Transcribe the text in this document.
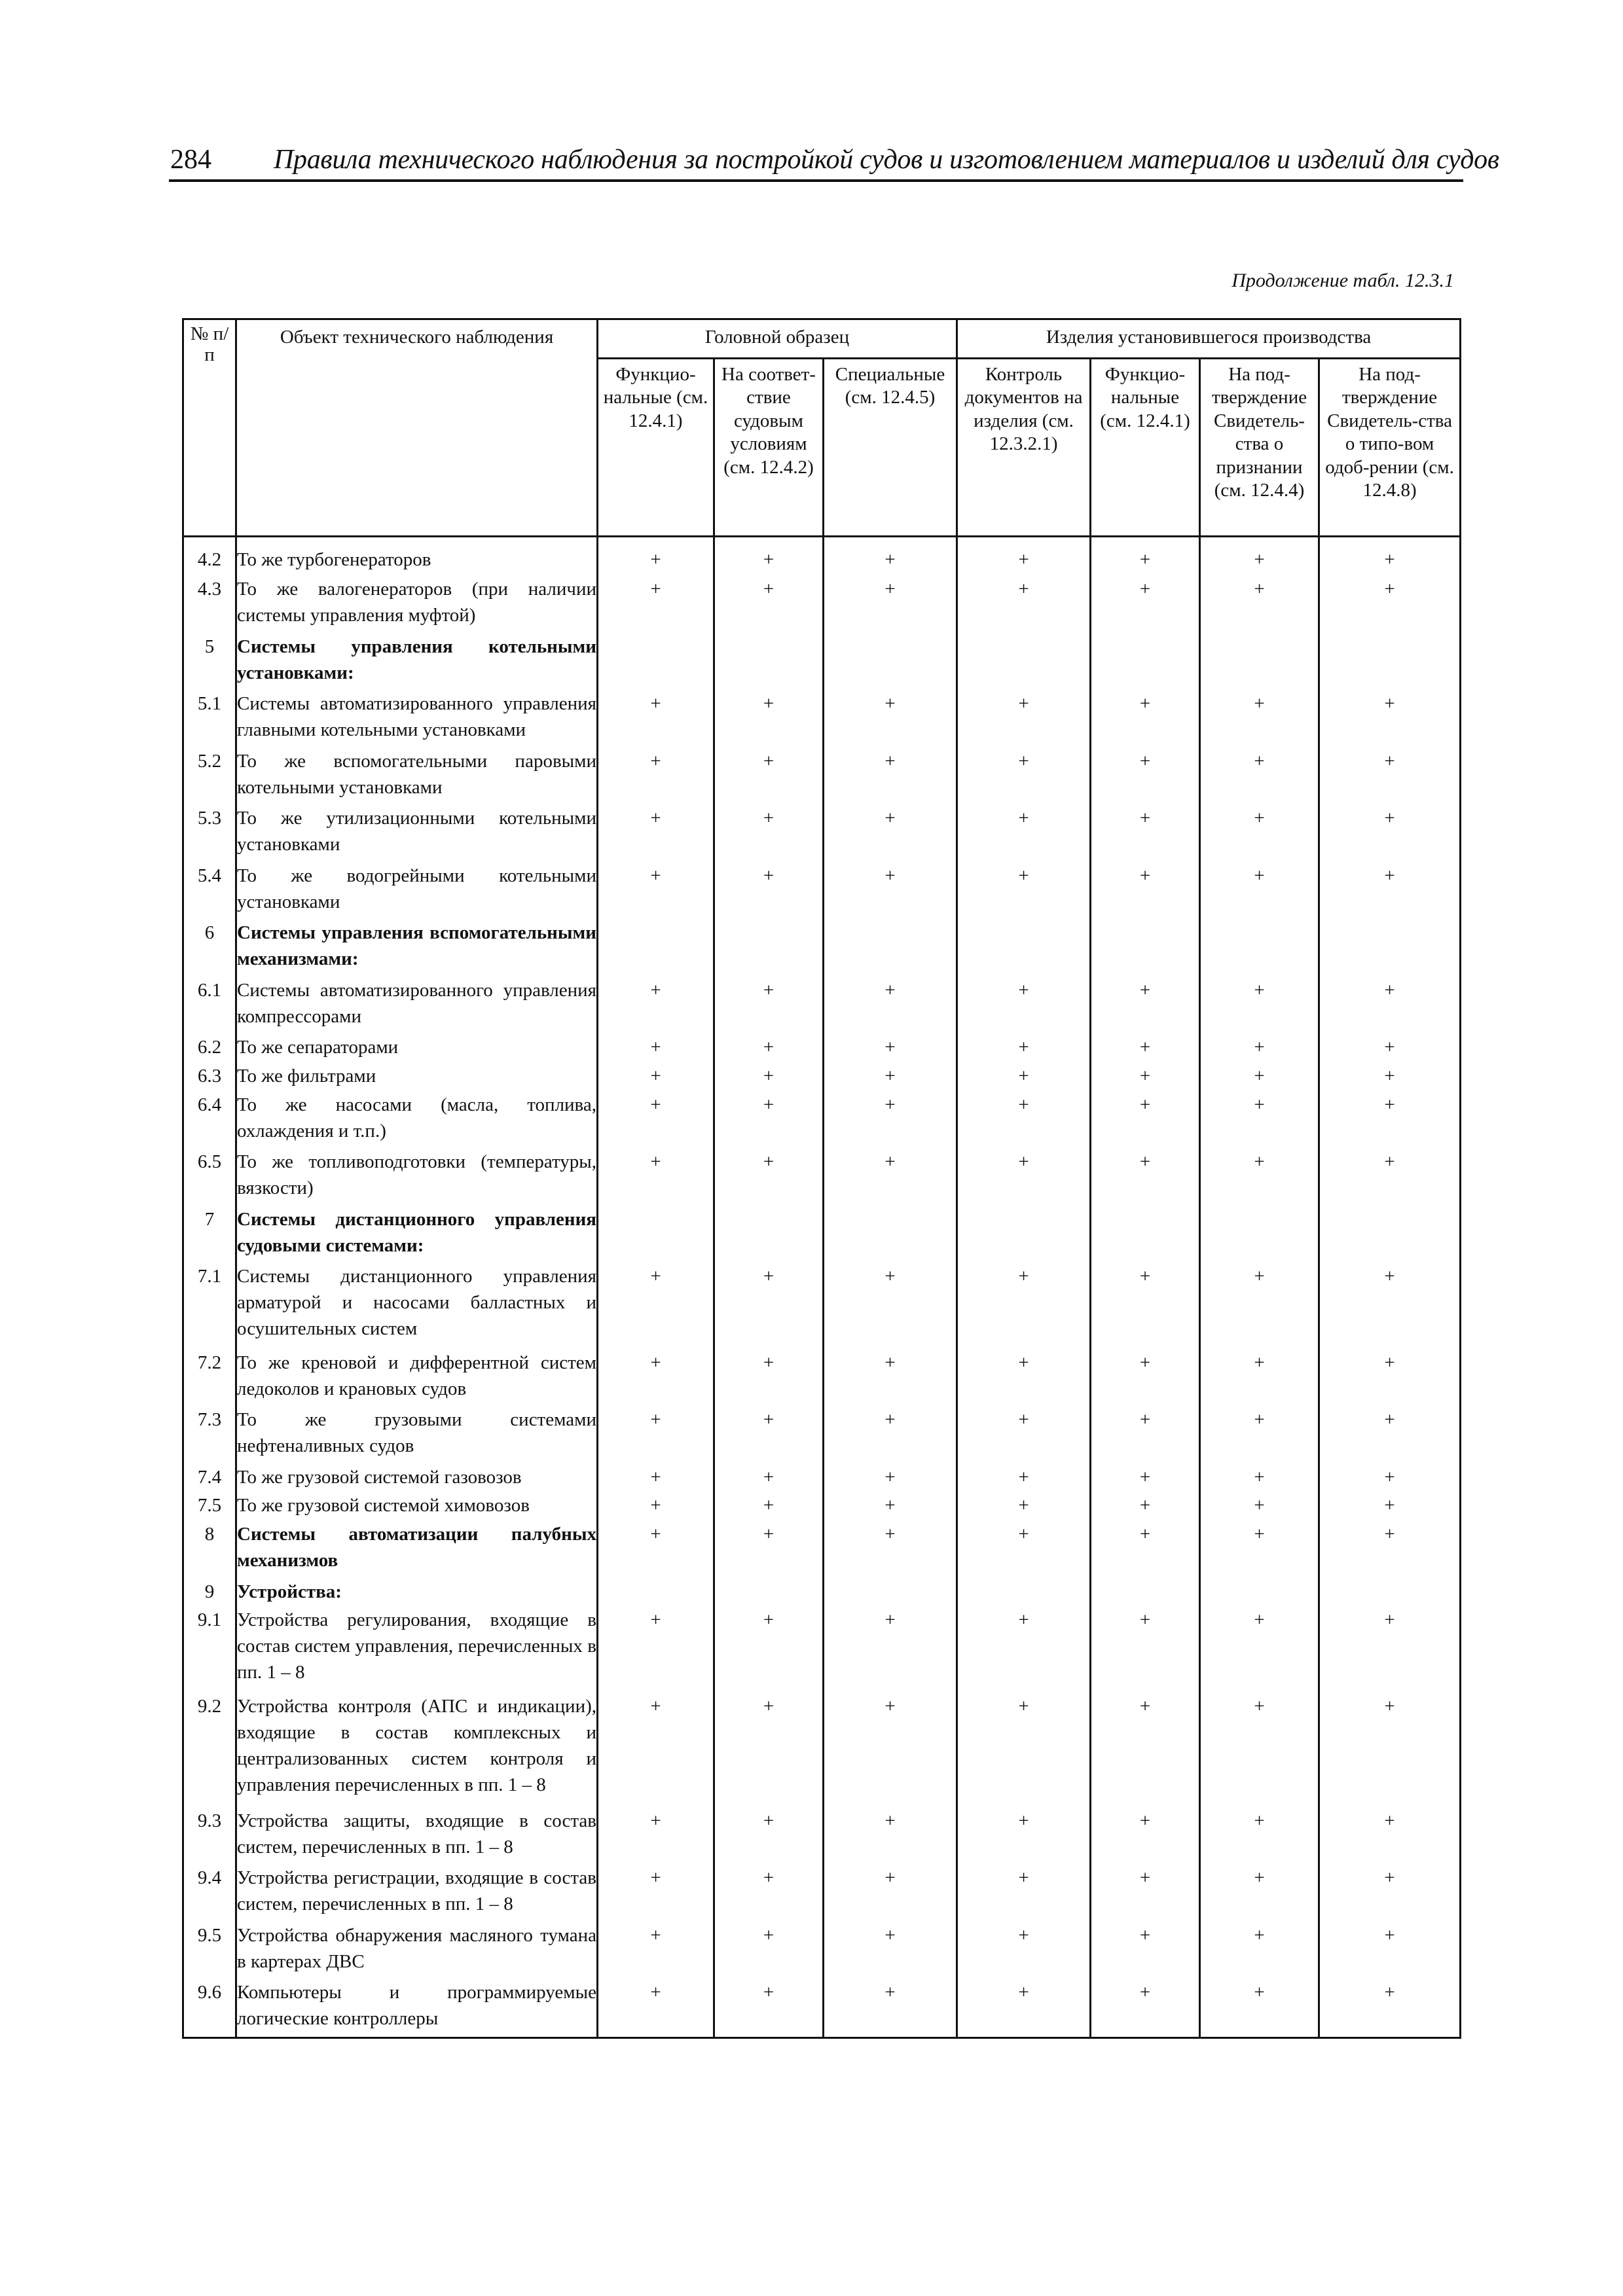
284 Правила технического наблюдения за постройкой судов и изготовлением материалов и изделий для судов
Продолжение табл. 12.3.1
№ п/п	Объект технического наблюдения	Головной образец			Изделия установившегося производства			
		Функцио-нальные (см. 12.4.1)	На соответ-ствие судовым условиям (см. 12.4.2)	Специальные (см. 12.4.5)	Контроль документов на изделия (см. 12.3.2.1)	Функцио-нальные (см. 12.4.1)	На под-тверждение Свидетель-ства о признании (см. 12.4.4)	На под-тверждение Свидетель-ства о типо-вом одоб-рении (см. 12.4.8)
4.2	То же турбогенераторов	+	+	+	+	+	+	+
4.3	То же валогенераторов (при наличии системы управления муфтой)	+	+	+	+	+	+	+
5	Системы управления котельными установками:							
5.1	Системы автоматизированного управления главными котельными установками	+	+	+	+	+	+	+
5.2	То же вспомогательными паровыми котельными установками	+	+	+	+	+	+	+
5.3	То же утилизационными котельными установками	+	+	+	+	+	+	+
5.4	То же водогрейными котельными установками	+	+	+	+	+	+	+
6	Системы управления вспомогательными механизмами:							
6.1	Системы автоматизированного управления компрессорами	+	+	+	+	+	+	+
6.2	То же сепараторами	+	+	+	+	+	+	+
6.3	То же фильтрами	+	+	+	+	+	+	+
6.4	То же насосами (масла, топлива, охлаждения и т.п.)	+	+	+	+	+	+	+
6.5	То же топливоподготовки (температуры, вязкости)	+	+	+	+	+	+	+
7	Системы дистанционного управления судовыми системами:							
7.1	Системы дистанционного управления арматурой и насосами балластных и осушительных систем	+	+	+	+	+	+	+
7.2	То же креновой и дифферентной систем ледоколов и крановых судов	+	+	+	+	+	+	+
7.3	То же грузовыми системами нефтеналивных судов	+	+	+	+	+	+	+
7.4	То же грузовой системой газовозов	+	+	+	+	+	+	+
7.5	То же грузовой системой химовозов	+	+	+	+	+	+	+
8	Системы автоматизации палубных механизмов	+	+	+	+	+	+	+
9	Устройства:							
9.1	Устройства регулирования, входящие в состав систем управления, перечисленных в пп. 1 – 8	+	+	+	+	+	+	+
9.2	Устройства контроля (АПС и индикации), входящие в состав комплексных и централизованных систем контроля и управления перечисленных в пп. 1 – 8	+	+	+	+	+	+	+
9.3	Устройства защиты, входящие в состав систем, перечисленных в пп. 1 – 8	+	+	+	+	+	+	+
9.4	Устройства регистрации, входящие в состав систем, перечисленных в пп. 1 – 8	+	+	+	+	+	+	+
9.5	Устройства обнаружения масляного тумана в картерах ДВС	+	+	+	+	+	+	+
9.6	Компьютеры и программируемые логические контроллеры	+	+	+	+	+	+	+
